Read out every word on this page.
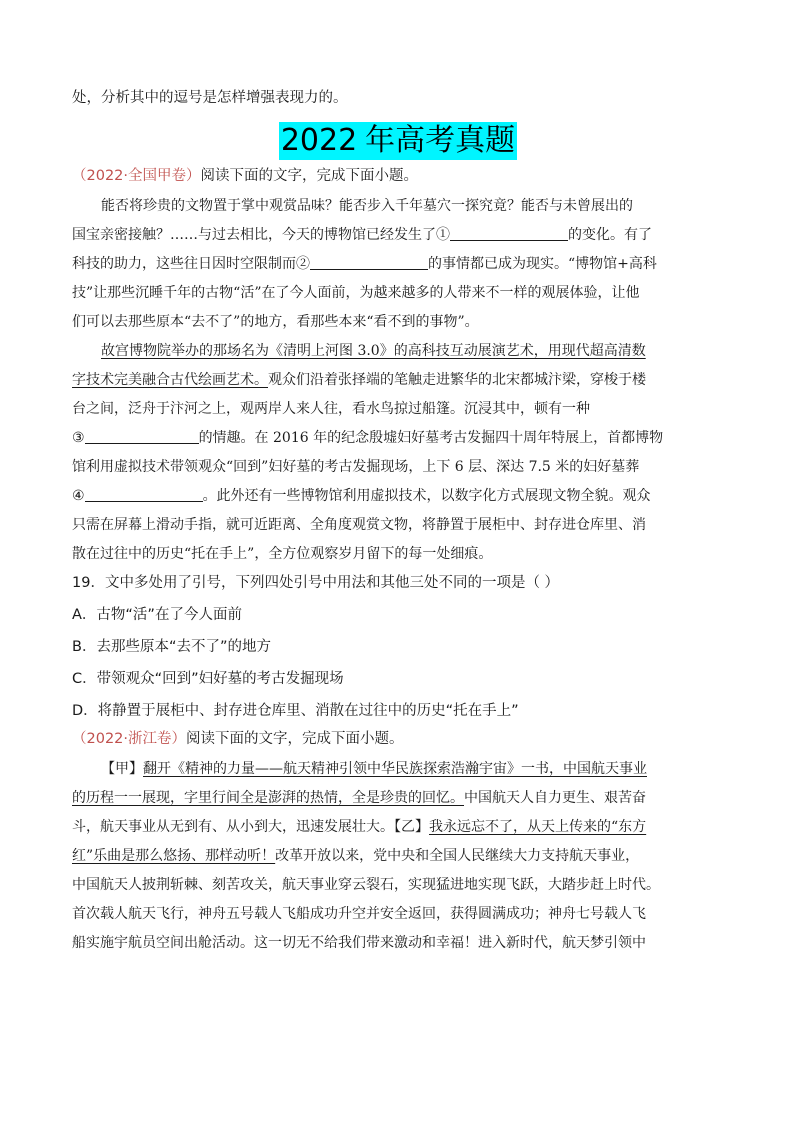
处，分析其中的逗号是怎样增强表现力的。
2022 年高考真题
（2022·全国甲卷）阅读下面的文字，完成下面小题。
能否将珍贵的文物置于掌中观赏品味？能否步入千年墓穴一探究竟？能否与未曾展出的
国宝亲密接触？……与过去相比，今天的博物馆已经发生了①	的变化。有了
科技的助力，这些往日因时空限制而②	的事情都已成为现实。“博物馆+高科
技”让那些沉睡千年的古物“活”在了今人面前，为越来越多的人带来不一样的观展体验，让他
们可以去那些原本“去不了”的地方，看那些本来“看不到的事物”。
故宫博物院举办的那场名为《清明上河图 3.0》的高科技互动展演艺术，用现代超高清数
字技术完美融合古代绘画艺术。观众们沿着张择端的笔触走进繁华的北宋都城汴梁，穿梭于楼
台之间，泛舟于汴河之上，观两岸人来人往，看水鸟掠过船篷。沉浸其中，顿有一种
③	的情趣。在 2016 年的纪念殷墟妇好墓考古发掘四十周年特展上，首都博物
馆利用虚拟技术带领观众“回到”妇好墓的考古发掘现场，上下 6 层、深达 7.5 米的妇好墓葬
④	。此外还有一些博物馆利用虚拟技术，以数字化方式展现文物全貌。观众
只需在屏幕上滑动手指，就可近距离、全角度观赏文物，将静置于展柜中、封存进仓库里、消
散在过往中的历史“托在手上”，全方位观察岁月留下的每一处细痕。
19．文中多处用了引号，下列四处引号中用法和其他三处不同的一项是（ ）
A．古物“活”在了今人面前
B．去那些原本“去不了”的地方
C．带领观众“回到”妇好墓的考古发掘现场
D．将静置于展柜中、封存进仓库里、消散在过往中的历史“托在手上”
（2022·浙江卷）阅读下面的文字，完成下面小题。
【甲】翻开《精神的力量——航天精神引领中华民族探索浩瀚宇宙》一书，中国航天事业
的历程一一展现，字里行间全是澎湃的热情，全是珍贵的回忆。中国航天人自力更生、艰苦奋
斗，航天事业从无到有、从小到大，迅速发展壮大。【乙】我永远忘不了，从天上传来的“东方
红”乐曲是那么悠扬、那样动听！改革开放以来，党中央和全国人民继续大力支持航天事业，
中国航天人披荆斩棘、刻苦攻关，航天事业穿云裂石，实现猛进地实现飞跃，大踏步赶上时代。
首次载人航天飞行，神舟五号载人飞船成功升空并安全返回，获得圆满成功；神舟七号载人飞
船实施宇航员空间出舱活动。这一切无不给我们带来激动和幸福！进入新时代，航天梦引领中
